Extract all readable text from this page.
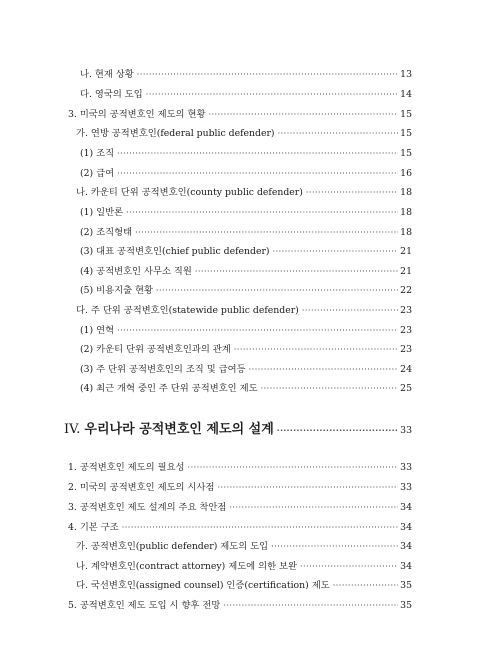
나. 현재 상황 ·····	13
다. 영국의 도입 ·····	14
3. 미국의 공적변호인 제도의 현황 ·····	15
가. 연방 공적변호인(federal public defender) ·····	15
(1) 조직 ·····	15
(2) 급여 ·····	16
나. 카운티 단위 공적변호인(county public defender) ·····	18
(1) 일반론 ·····	18
(2) 조직형태 ·····	18
(3) 대표 공적변호인(chief public defender) ·····	21
(4) 공적변호인 사무소 직원 ·····	21
(5) 비용지출 현황 ·····	22
다. 주 단위 공적변호인(statewide public defender) ·····	23
(1) 연혁 ·····	23
(2) 카운티 단위 공적변호인과의 관계 ·····	23
(3) 주 단위 공적변호인의 조직 및 급여등 ·····	24
(4) 최근 개혁 중인 주 단위 공적변호인 제도 ·····	25
IV. 우리나라 공적변호인 제도의 설계 ·····	33
1. 공적변호인 제도의 필요성 ·····	33
2. 미국의 공적변호인 제도의 시사점 ·····	33
3. 공적변호인 제도 설계의 주요 착안점 ·····	34
4. 기본 구조 ·····	34
가. 공적변호인(public defender) 제도의 도입 ·····	34
나. 계약변호인(contract attorney) 제도에 의한 보완 ·····	34
다. 국선변호인(assigned counsel) 인증(certification) 제도 ·····	35
5. 공적변호인 제도 도입 시 향후 전망 ·····	35
